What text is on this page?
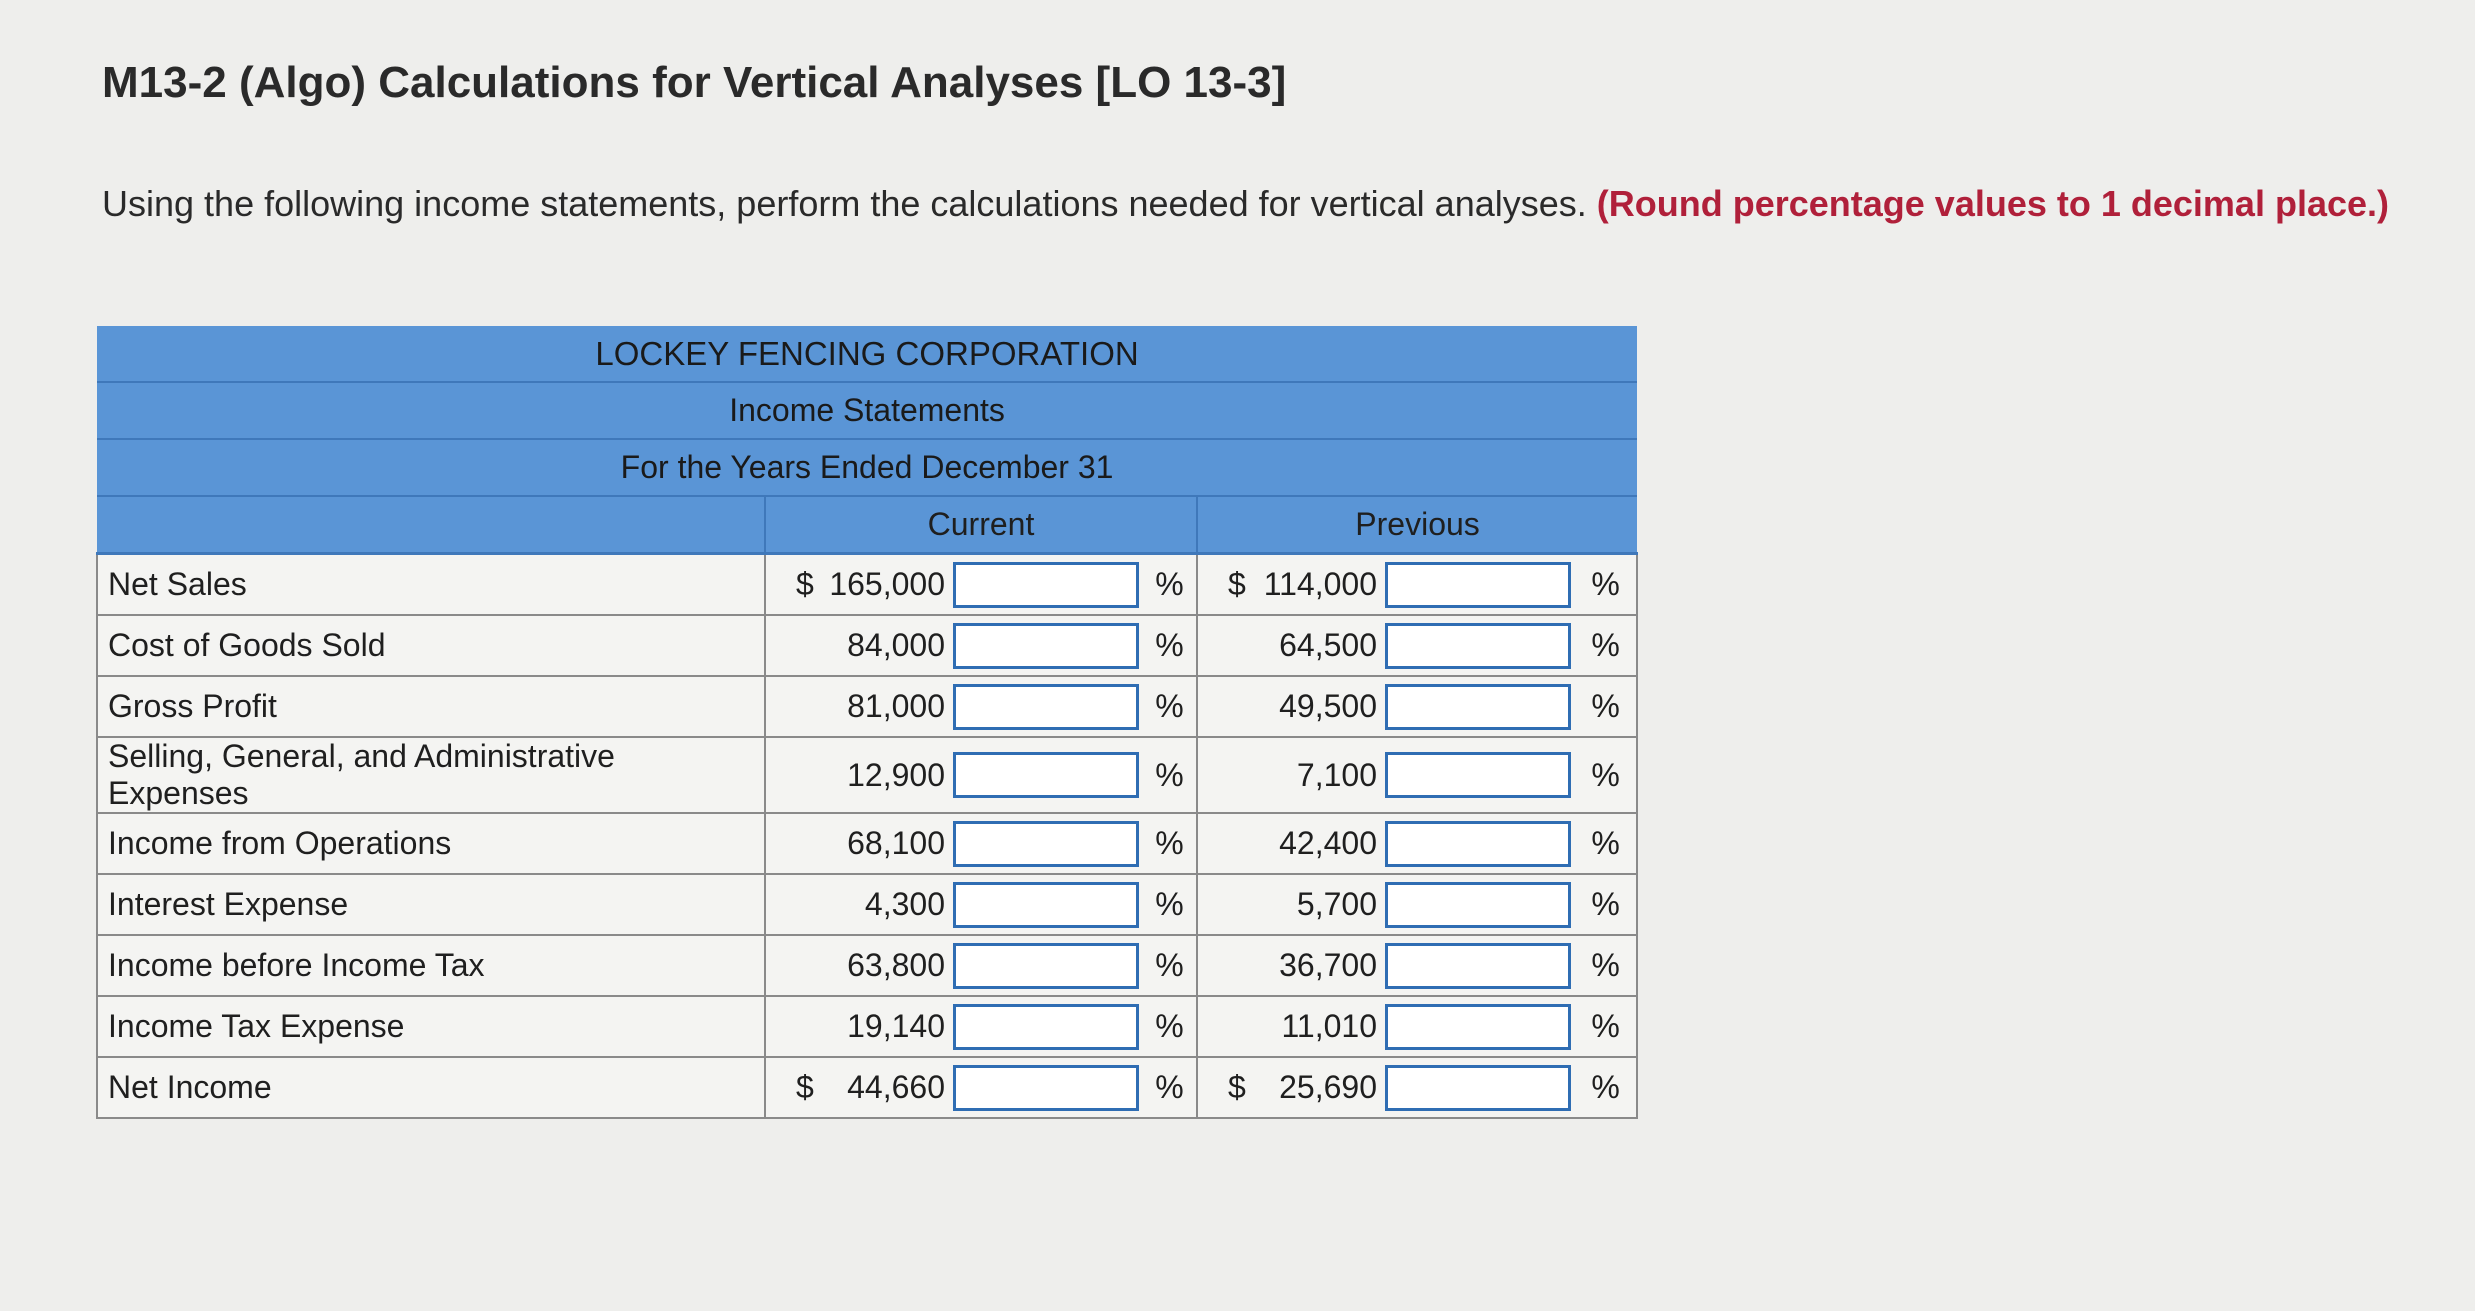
M13-2 (Algo) Calculations for Vertical Analyses [LO 13-3]
Using the following income statements, perform the calculations needed for vertical analyses. (Round percentage values to 1 decimal place.)
LOCKEY FENCING CORPORATION						
Income Statements						
For the Years Ended December 31						
	Current			Previous		
Net Sales	$ 165,000		%	$ 114,000		%
Cost of Goods Sold	84,000		%	64,500		%
Gross Profit	81,000		%	49,500		%
Selling, General, and Administrative Expenses	12,900		%	7,100		%
Income from Operations	68,100		%	42,400		%
Interest Expense	4,300		%	5,700		%
Income before Income Tax	63,800		%	36,700		%
Income Tax Expense	19,140		%	11,010		%
Net Income	$ 44,660		%	$ 25,690		%
